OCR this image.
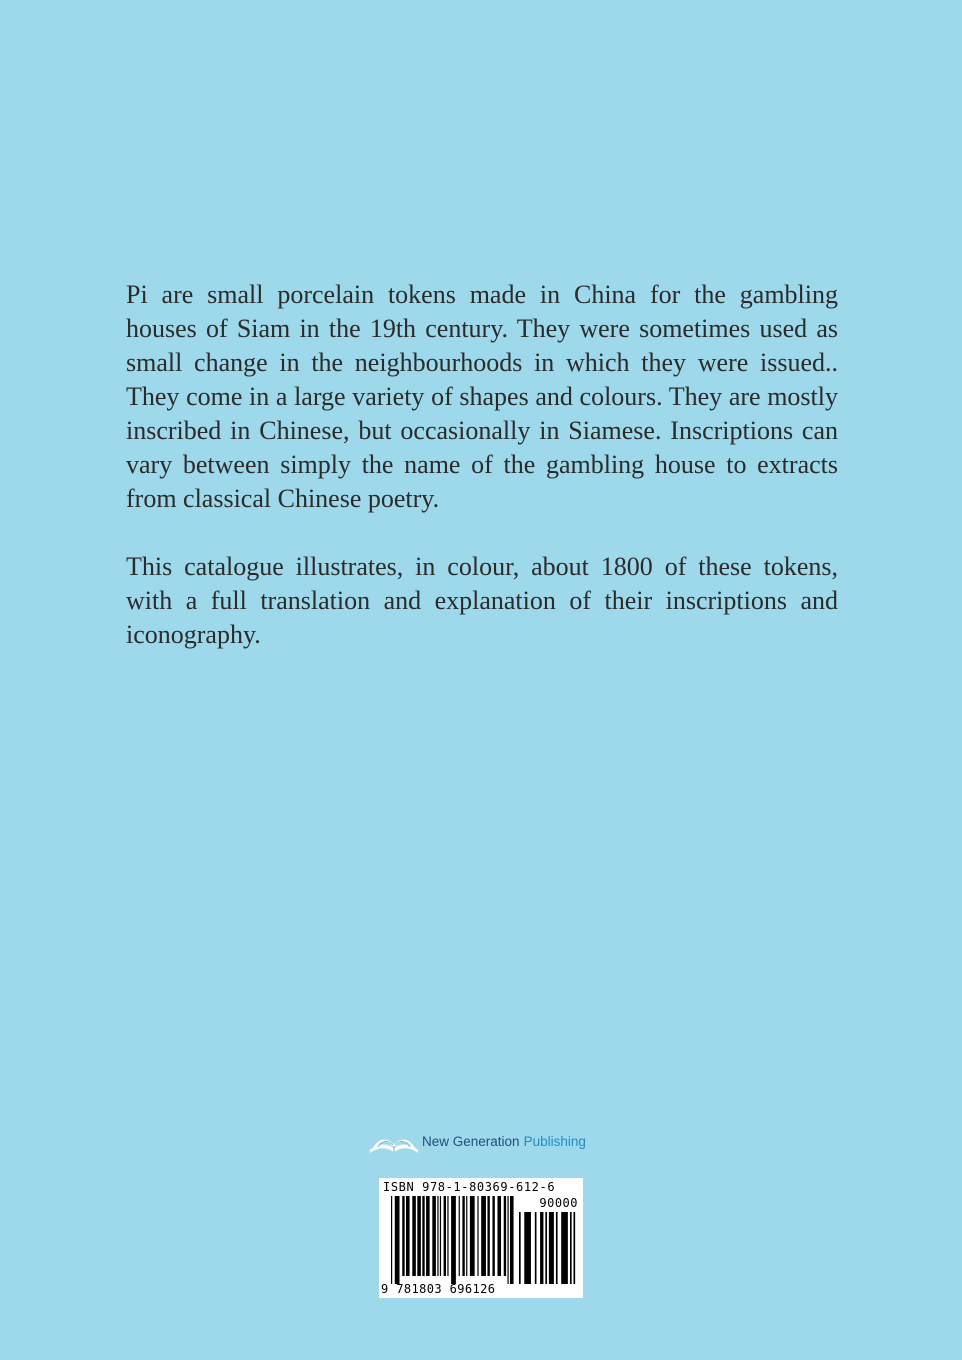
Pi are small porcelain tokens made in China for the gambling houses of Siam in the 19th century. They were sometimes used as small change in the neighbourhoods in which they were issued.. They come in a large variety of shapes and colours. They are mostly inscribed in Chinese, but occasionally in Siamese. Inscriptions can vary between simply the name of the gambling house to extracts from classical Chinese poetry.

This catalogue illustrates, in colour, about 1800 of these tokens, with a full translation and explanation of their inscriptions and iconography.

New Generation Publishing
ISBN 978-1-80369-612-6
90000
9 781803 696126
